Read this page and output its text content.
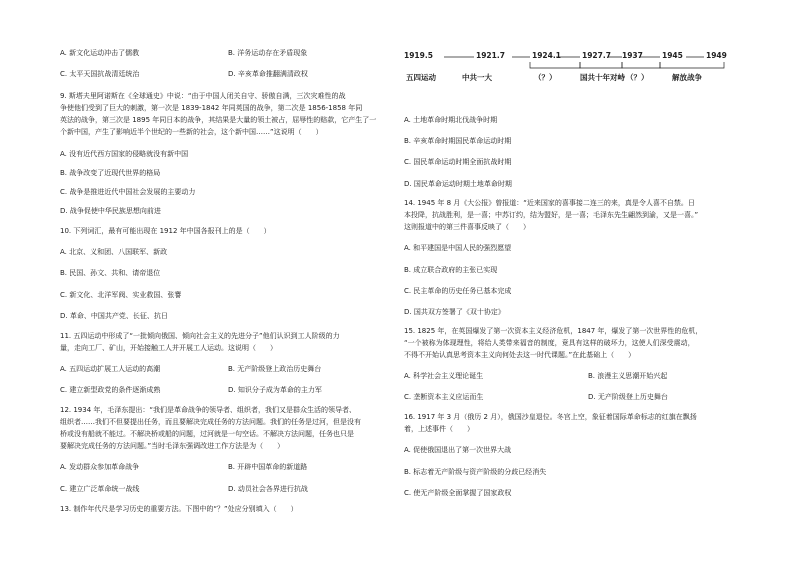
A. 新文化运动冲击了儒教	B. 洋务运动存在矛盾现象
C. 太平天国抗战清廷统治	D. 辛亥革命推翻满清政权
9. 斯塔夫里阿诺斯在《全球通史》中说：“由于中国人闭关自守、骄傲自满，三次灾难性的战
争使他们受到了巨大的刺激，第一次是 1839-1842 年同英国的战争，第二次是 1856-1858 年同
英法的战争，第三次是 1895 年同日本的战争，其结果是大量的领土被占，屈辱性的赔款，它产生了一
个新中国，产生了影响近半个世纪的一些新的社会，这个新中国……”这说明（　　）
A. 没有近代西方国家的侵略就没有新中国
B. 战争改变了近现代世界的格局
C. 战争是推进近代中国社会发展的主要动力
D. 战争促使中华民族思想向前进
10. 下列词汇，最有可能出现在 1912 年中国各报刊上的是（　　）
A. 北京、义和团、八国联军、新政
B. 民国、孙文、共和、请帝退位
C. 新文化、北洋军阀、实业救国、张謇
D. 革命、中国共产党、长征、抗日
11. 五四运动中形成了“一批倾向俄国、倾向社会主义的先进分子”他们认识到工人阶级的力
量，走向工厂、矿山，开始接触工人并开展工人运动。这说明（　　）
A. 五四运动扩展工人运动的高潮	B. 无产阶级登上政治历史舞台
C. 建立新型政党的条件逐渐成熟	D. 知识分子成为革命的主力军
12. 1934 年，毛泽东提出：“我们是革命战争的领导者、组织者，我们又是群众生活的领导者、
组织者……我们不但要提出任务，而且要解决完成任务的方法问题。我们的任务是过河，但是没有
桥或没有船就不能过。不解决桥或船的问题，过河就是一句空话。不解决方法问题，任务也只是
要解决完成任务的方法问题。”当时毛泽东强调改进工作方法是为（　　）
A. 发动群众参加革命战争	B. 开辟中国革命的新道路
C. 建立广泛革命统一战线	D. 动员社会各界进行抗战
13. 制作年代尺是学习历史的重要方法。下图中的“？”处应分别填入（　　）
1919.5	1921.7	1924.1	1927.7 1937	1945	1949
五四运动	中共一大	（？）	国共十年对峙 （？）	解放战争
A. 土地革命时期北伐战争时期
B. 辛亥革命时期国民革命运动时期
C. 国民革命运动时期全面抗战时期
D. 国民革命运动时期土地革命时期
14. 1945 年 8 月《大公报》曾报道：“近来国家的喜事接二连三的来，真是令人喜不自禁。日
本投降，抗战胜利，是一喜；中苏订约，结为盟好，是一喜；毛泽东先生翩然到渝，又是一喜。”
这则报道中的第三件喜事反映了（　　）
A. 和平建国是中国人民的强烈愿望
B. 成立联合政府的主张已实现
C. 民主革命的历史任务已基本完成
D. 国共双方签署了《双十协定》
15. 1825 年，在英国爆发了第一次资本主义经济危机，1847 年，爆发了第一次世界性的危机，
“一个被称为体现理性，将给人类带来福音的制度，竟具有这样的破坏力，这使人们深受震动，
不得不开始认真思考资本主义向何处去这一时代课题。”在此基础上（　　）
A. 科学社会主义理论诞生	B. 浪漫主义思潮开始兴起
C. 垄断资本主义应运而生	D. 无产阶级登上历史舞台
16. 1917 年 3 月（俄历 2 月），俄国沙皇退位。冬宫上空，象征着国际革命标志的红旗在飘扬
着，上述事件（　　）
A. 促使俄国退出了第一次世界大战
B. 标志着无产阶级与资产阶级的分歧已经消失
C. 使无产阶级全面掌握了国家政权
